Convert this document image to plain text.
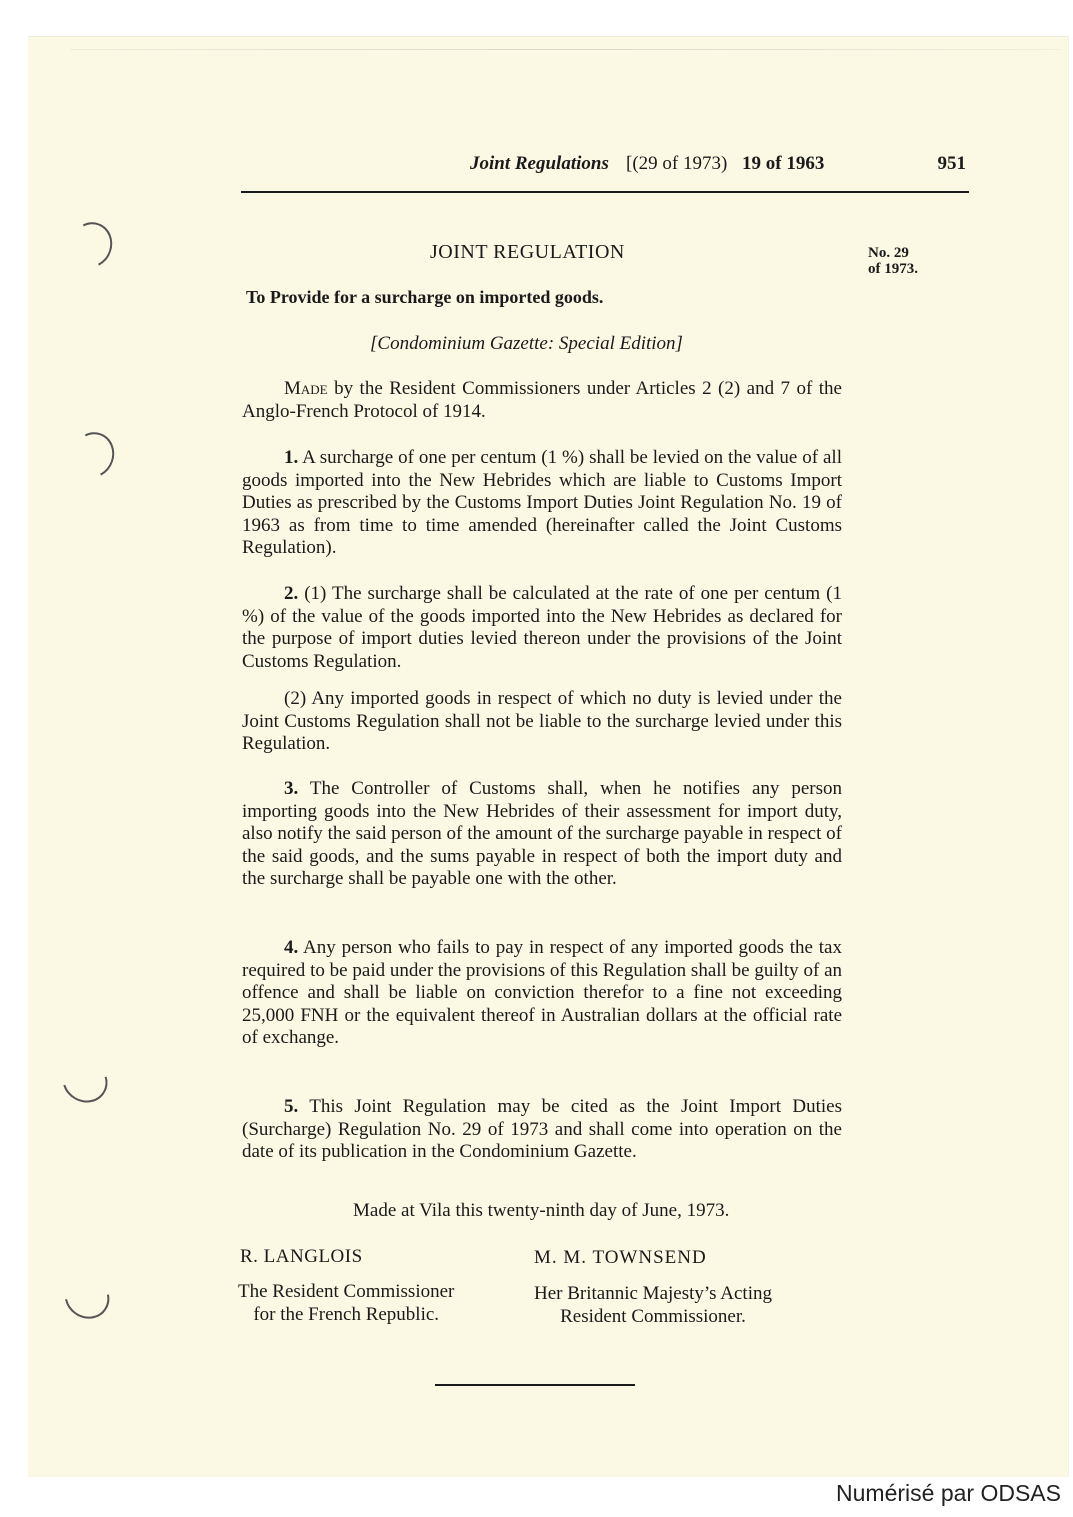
Joint Regulations [(29 of 1973) 19 of 1963	951
JOINT REGULATION	No. 29
of 1973.
To Provide for a surcharge on imported goods.
[Condominium Gazette: Special Edition]

Made by the Resident Commissioners under Articles 2 (2) and 7 of the Anglo-French Protocol of 1914.

1. A surcharge of one per centum (1 %) shall be levied on the value of all goods imported into the New Hebrides which are liable to Customs Import Duties as prescribed by the Customs Import Duties Joint Regulation No. 19 of 1963 as from time to time amended (hereinafter called the Joint Customs Regulation).

2. (1) The surcharge shall be calculated at the rate of one per centum (1 %) of the value of the goods imported into the New Hebrides as declared for the purpose of import duties levied thereon under the provisions of the Joint Customs Regulation.

(2) Any imported goods in respect of which no duty is levied under the Joint Customs Regulation shall not be liable to the surcharge levied under this Regulation.

3. The Controller of Customs shall, when he notifies any person importing goods into the New Hebrides of their assessment for import duty, also notify the said person of the amount of the surcharge payable in respect of the said goods, and the sums payable in respect of both the import duty and the surcharge shall be payable one with the other.

4. Any person who fails to pay in respect of any imported goods the tax required to be paid under the provisions of this Regulation shall be guilty of an offence and shall be liable on conviction therefor to a fine not exceeding 25,000 FNH or the equivalent thereof in Australian dollars at the official rate of exchange.

5. This Joint Regulation may be cited as the Joint Import Duties (Surcharge) Regulation No. 29 of 1973 and shall come into operation on the date of its publication in the Condominium Gazette.

Made at Vila this twenty-ninth day of June, 1973.
R. LANGLOIS	M. M. TOWNSEND
The Resident Commissioner
for the French Republic.
Her Britannic Majesty’s Acting
Resident Commissioner.
Numérisé par ODSAS
